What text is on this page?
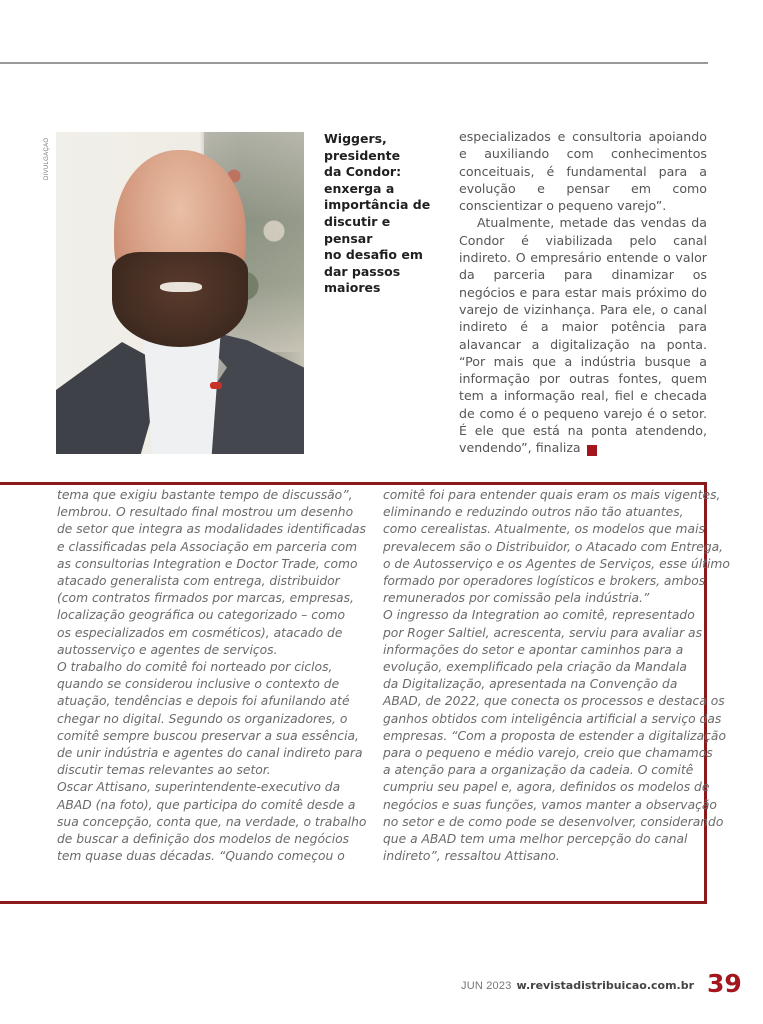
DIVULGAÇÃO	Wiggers,
presidente
da Condor:
enxerga a
importância de
discutir e pensar
no desafio em
dar passos
maiores

especializados e consultoria apoiando e auxiliando com conhecimentos conceituais, é fundamental para a evolução e pensar em como conscientizar o pequeno varejo”.

Atualmente, metade das vendas da Condor é viabilizada pelo canal indireto. O empresário entende o valor da parceria para dinamizar os negócios e para estar mais próximo do varejo de vizinhança. Para ele, o canal indireto é a maior potência para alavancar a digitalização na ponta. “Por mais que a indústria busque a informação por outras fontes, quem tem a informação real, fiel e checada de como é o pequeno varejo é o setor. É ele que está na ponta atendendo, vendendo”, finaliza	D

tema que exigiu bastante tempo de discussão”,
lembrou. O resultado final mostrou um desenho
de setor que integra as modalidades identificadas
e classificadas pela Associação em parceria com
as consultorias Integration e Doctor Trade, como
atacado generalista com entrega, distribuidor
(com contratos firmados por marcas, empresas,
localização geográfica ou categorizado – como
os especializados em cosméticos), atacado de
autosserviço e agentes de serviços.
O trabalho do comitê foi norteado por ciclos,
quando se considerou inclusive o contexto de
atuação, tendências e depois foi afunilando até
chegar no digital. Segundo os organizadores, o
comitê sempre buscou preservar a sua essência,
de unir indústria e agentes do canal indireto para
discutir temas relevantes ao setor.
Oscar Attisano, superintendente-executivo da
ABAD (na foto), que participa do comitê desde a
sua concepção, conta que, na verdade, o trabalho
de buscar a definição dos modelos de negócios
tem quase duas décadas. “Quando começou o
comitê foi para entender quais eram os mais vigentes,
eliminando e reduzindo outros não tão atuantes,
como cerealistas. Atualmente, os modelos que mais
prevalecem são o Distribuidor, o Atacado com Entrega,
o de Autosserviço e os Agentes de Serviços, esse último
formado por operadores logísticos e brokers, ambos
remunerados por comissão pela indústria.”
O ingresso da Integration ao comitê, representado
por Roger Saltiel, acrescenta, serviu para avaliar as
informações do setor e apontar caminhos para a
evolução, exemplificado pela criação da Mandala
da Digitalização, apresentada na Convenção da
ABAD, de 2022, que conecta os processos e destaca os
ganhos obtidos com inteligência artificial a serviço das
empresas. “Com a proposta de estender a digitalização
para o pequeno e médio varejo, creio que chamamos
a atenção para a organização da cadeia. O comitê
cumpriu seu papel e, agora, definidos os modelos de
negócios e suas funções, vamos manter a observação
no setor e de como pode se desenvolver, considerando
que a ABAD tem uma melhor percepção do canal
indireto”, ressaltou Attisano.
JUN 2023 w.revistadistribuicao.com.br 39
